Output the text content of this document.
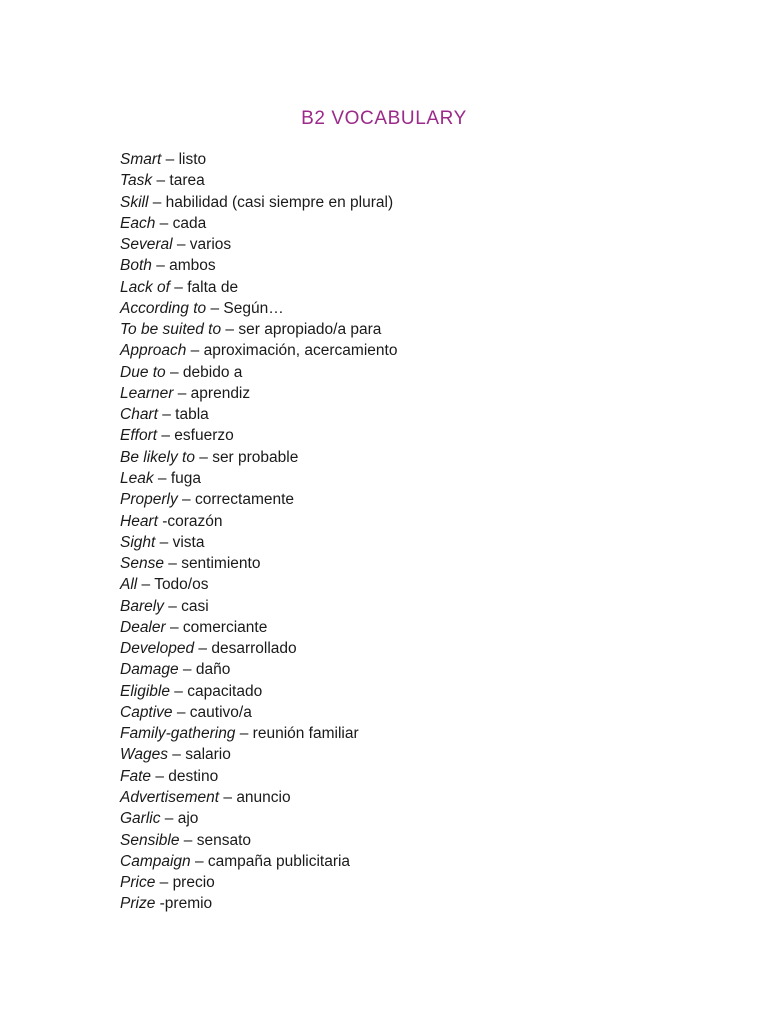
B2 VOCABULARY
Smart – listo
Task – tarea
Skill – habilidad (casi siempre en plural)
Each – cada
Several – varios
Both – ambos
Lack of – falta de
According to – Según…
To be suited to – ser apropiado/a para
Approach – aproximación, acercamiento
Due to – debido a
Learner – aprendiz
Chart – tabla
Effort – esfuerzo
Be likely to – ser probable
Leak – fuga
Properly – correctamente
Heart -corazón
Sight – vista
Sense – sentimiento
All – Todo/os
Barely – casi
Dealer – comerciante
Developed – desarrollado
Damage – daño
Eligible – capacitado
Captive – cautivo/a
Family-gathering – reunión familiar
Wages – salario
Fate – destino
Advertisement – anuncio
Garlic – ajo
Sensible – sensato
Campaign – campaña publicitaria
Price – precio
Prize -premio
